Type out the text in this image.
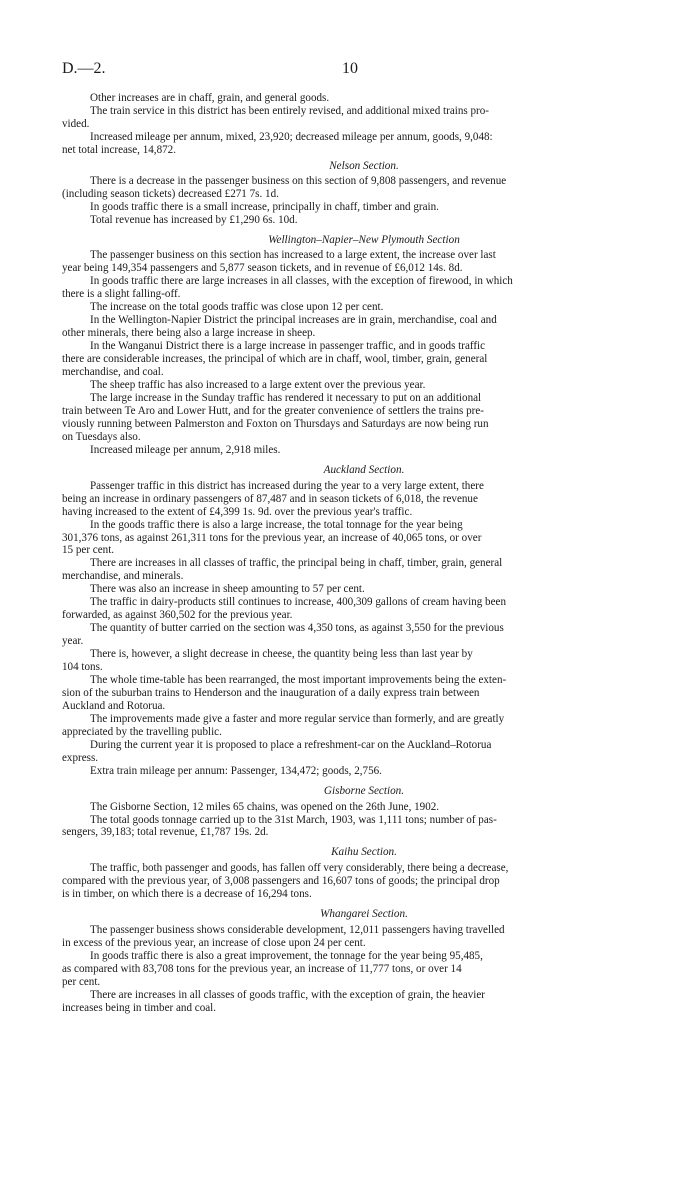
D.—2.	10
Other increases are in chaff, grain, and general goods.
The train service in this district has been entirely revised, and additional mixed trains pro-
vided.
Increased mileage per annum, mixed, 23,920; decreased mileage per annum, goods, 9,048:
net total increase, 14,872.
Nelson Section.
There is a decrease in the passenger business on this section of 9,808 passengers, and revenue
(including season tickets) decreased £271 7s. 1d.
In goods traffic there is a small increase, principally in chaff, timber and grain.
Total revenue has increased by £1,290 6s. 10d.
Wellington–Napier–New Plymouth Section
The passenger business on this section has increased to a large extent, the increase over last
year being 149,354 passengers and 5,877 season tickets, and in revenue of £6,012 14s. 8d.
In goods traffic there are large increases in all classes, with the exception of firewood, in which
there is a slight falling-off.
The increase on the total goods traffic was close upon 12 per cent.
In the Wellington-Napier District the principal increases are in grain, merchandise, coal and
other minerals, there being also a large increase in sheep.
In the Wanganui District there is a large increase in passenger traffic, and in goods traffic
there are considerable increases, the principal of which are in chaff, wool, timber, grain, general
merchandise, and coal.
The sheep traffic has also increased to a large extent over the previous year.
The large increase in the Sunday traffic has rendered it necessary to put on an additional
train between Te Aro and Lower Hutt, and for the greater convenience of settlers the trains pre-
viously running between Palmerston and Foxton on Thursdays and Saturdays are now being run
on Tuesdays also.
Increased mileage per annum, 2,918 miles.
Auckland Section.
Passenger traffic in this district has increased during the year to a very large extent, there
being an increase in ordinary passengers of 87,487 and in season tickets of 6,018, the revenue
having increased to the extent of £4,399 1s. 9d. over the previous year's traffic.
In the goods traffic there is also a large increase, the total tonnage for the year being
301,376 tons, as against 261,311 tons for the previous year, an increase of 40,065 tons, or over
15 per cent.
There are increases in all classes of traffic, the principal being in chaff, timber, grain, general
merchandise, and minerals.
There was also an increase in sheep amounting to 57 per cent.
The traffic in dairy-products still continues to increase, 400,309 gallons of cream having been
forwarded, as against 360,502 for the previous year.
The quantity of butter carried on the section was 4,350 tons, as against 3,550 for the previous
year.
There is, however, a slight decrease in cheese, the quantity being less than last year by
104 tons.
The whole time-table has been rearranged, the most important improvements being the exten-
sion of the suburban trains to Henderson and the inauguration of a daily express train between
Auckland and Rotorua.
The improvements made give a faster and more regular service than formerly, and are greatly
appreciated by the travelling public.
During the current year it is proposed to place a refreshment-car on the Auckland–Rotorua
express.
Extra train mileage per annum: Passenger, 134,472; goods, 2,756.
Gisborne Section.
The Gisborne Section, 12 miles 65 chains, was opened on the 26th June, 1902.
The total goods tonnage carried up to the 31st March, 1903, was 1,111 tons; number of pas-
sengers, 39,183; total revenue, £1,787 19s. 2d.
Kaihu Section.
The traffic, both passenger and goods, has fallen off very considerably, there being a decrease,
compared with the previous year, of 3,008 passengers and 16,607 tons of goods; the principal drop
is in timber, on which there is a decrease of 16,294 tons.
Whangarei Section.
The passenger business shows considerable development, 12,011 passengers having travelled
in excess of the previous year, an increase of close upon 24 per cent.
In goods traffic there is also a great improvement, the tonnage for the year being 95,485,
as compared with 83,708 tons for the previous year, an increase of 11,777 tons, or over 14
per cent.
There are increases in all classes of goods traffic, with the exception of grain, the heavier
increases being in timber and coal.
